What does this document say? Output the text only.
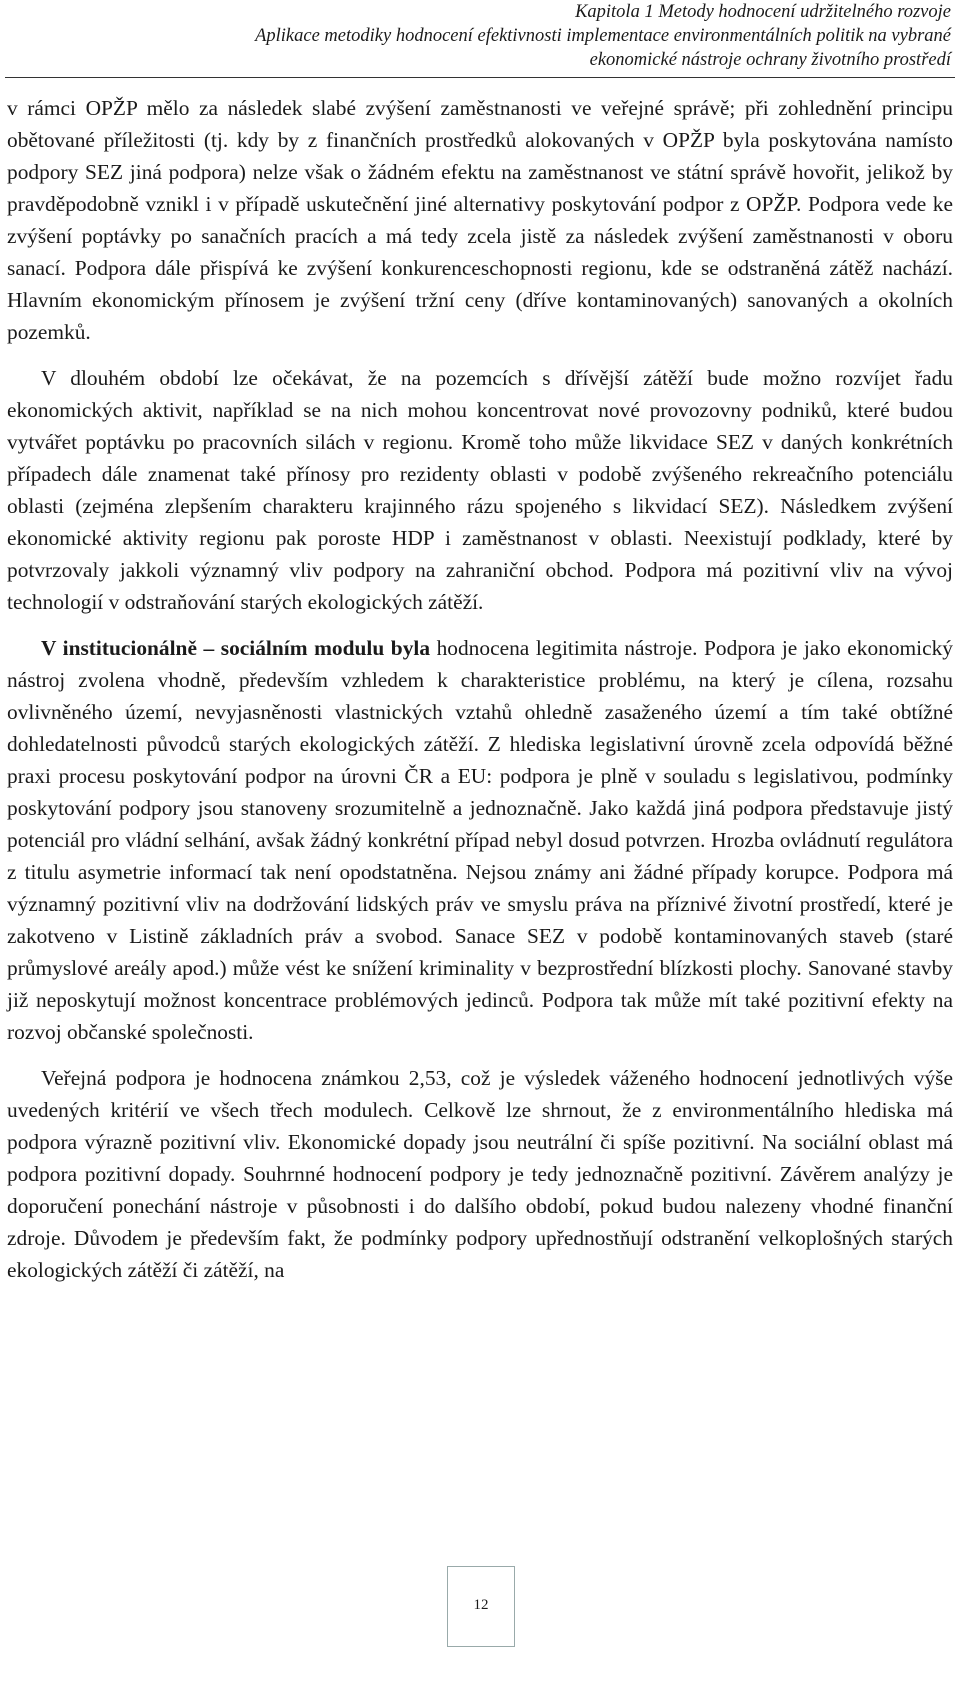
Kapitola 1 Metody hodnocení udržitelného rozvoje
Aplikace metodiky hodnocení efektivnosti implementace environmentálních politik na vybrané
ekonomické nástroje ochrany životního prostředí

v rámci OPŽP mělo za následek slabé zvýšení zaměstnanosti ve veřejné správě; při zohlednění principu obětované příležitosti (tj. kdy by z finančních prostředků alokovaných v OPŽP byla poskytována namísto podpory SEZ jiná podpora) nelze však o žádném efektu na zaměstnanost ve státní správě hovořit, jelikož by pravděpodobně vznikl i v případě uskutečnění jiné alternativy poskytování podpor z OPŽP. Podpora vede ke zvýšení poptávky po sanačních pracích a má tedy zcela jistě za následek zvýšení zaměstnanosti v oboru sanací. Podpora dále přispívá ke zvýšení konkurenceschopnosti regionu, kde se odstraněná zátěž nachází. Hlavním ekonomickým přínosem je zvýšení tržní ceny (dříve kontaminovaných) sanovaných a okolních pozemků.

V dlouhém období lze očekávat, že na pozemcích s dřívější zátěží bude možno rozvíjet řadu ekonomických aktivit, například se na nich mohou koncentrovat nové provozovny podniků, které budou vytvářet poptávku po pracovních silách v regionu. Kromě toho může likvidace SEZ v daných konkrétních případech dále znamenat také přínosy pro rezidenty oblasti v podobě zvýšeného rekreačního potenciálu oblasti (zejména zlepšením charakteru krajinného rázu spojeného s likvidací SEZ). Následkem zvýšení ekonomické aktivity regionu pak poroste HDP i zaměstnanost v oblasti. Neexistují podklady, které by potvrzovaly jakkoli významný vliv podpory na zahraniční obchod. Podpora má pozitivní vliv na vývoj technologií v odstraňování starých ekologických zátěží.

V institucionálně – sociálním modulu byla hodnocena legitimita nástroje. Podpora je jako ekonomický nástroj zvolena vhodně, především vzhledem k charakteristice problému, na který je cílena, rozsahu ovlivněného území, nevyjasněnosti vlastnických vztahů ohledně zasaženého území a tím také obtížné dohledatelnosti původců starých ekologických zátěží. Z hlediska legislativní úrovně zcela odpovídá běžné praxi procesu poskytování podpor na úrovni ČR a EU: podpora je plně v souladu s legislativou, podmínky poskytování podpory jsou stanoveny srozumitelně a jednoznačně. Jako každá jiná podpora představuje jistý potenciál pro vládní selhání, avšak žádný konkrétní případ nebyl dosud potvrzen. Hrozba ovládnutí regulátora z titulu asymetrie informací tak není opodstatněna. Nejsou známy ani žádné případy korupce. Podpora má významný pozitivní vliv na dodržování lidských práv ve smyslu práva na příznivé životní prostředí, které je zakotveno v Listině základních práv a svobod. Sanace SEZ v podobě kontaminovaných staveb (staré průmyslové areály apod.) může vést ke snížení kriminality v bezprostřední blízkosti plochy. Sanované stavby již neposkytují možnost koncentrace problémových jedinců. Podpora tak může mít také pozitivní efekty na rozvoj občanské společnosti.

Veřejná podpora je hodnocena známkou 2,53, což je výsledek váženého hodnocení jednotlivých výše uvedených kritérií ve všech třech modulech. Celkově lze shrnout, že z environmentálního hlediska má podpora výrazně pozitivní vliv. Ekonomické dopady jsou neutrální či spíše pozitivní. Na sociální oblast má podpora pozitivní dopady. Souhrnné hodnocení podpory je tedy jednoznačně pozitivní. Závěrem analýzy je doporučení ponechání nástroje v působnosti i do dalšího období, pokud budou nalezeny vhodné finanční zdroje. Důvodem je především fakt, že podmínky podpory upřednostňují odstranění velkoplošných starých ekologických zátěží či zátěží, na

12
